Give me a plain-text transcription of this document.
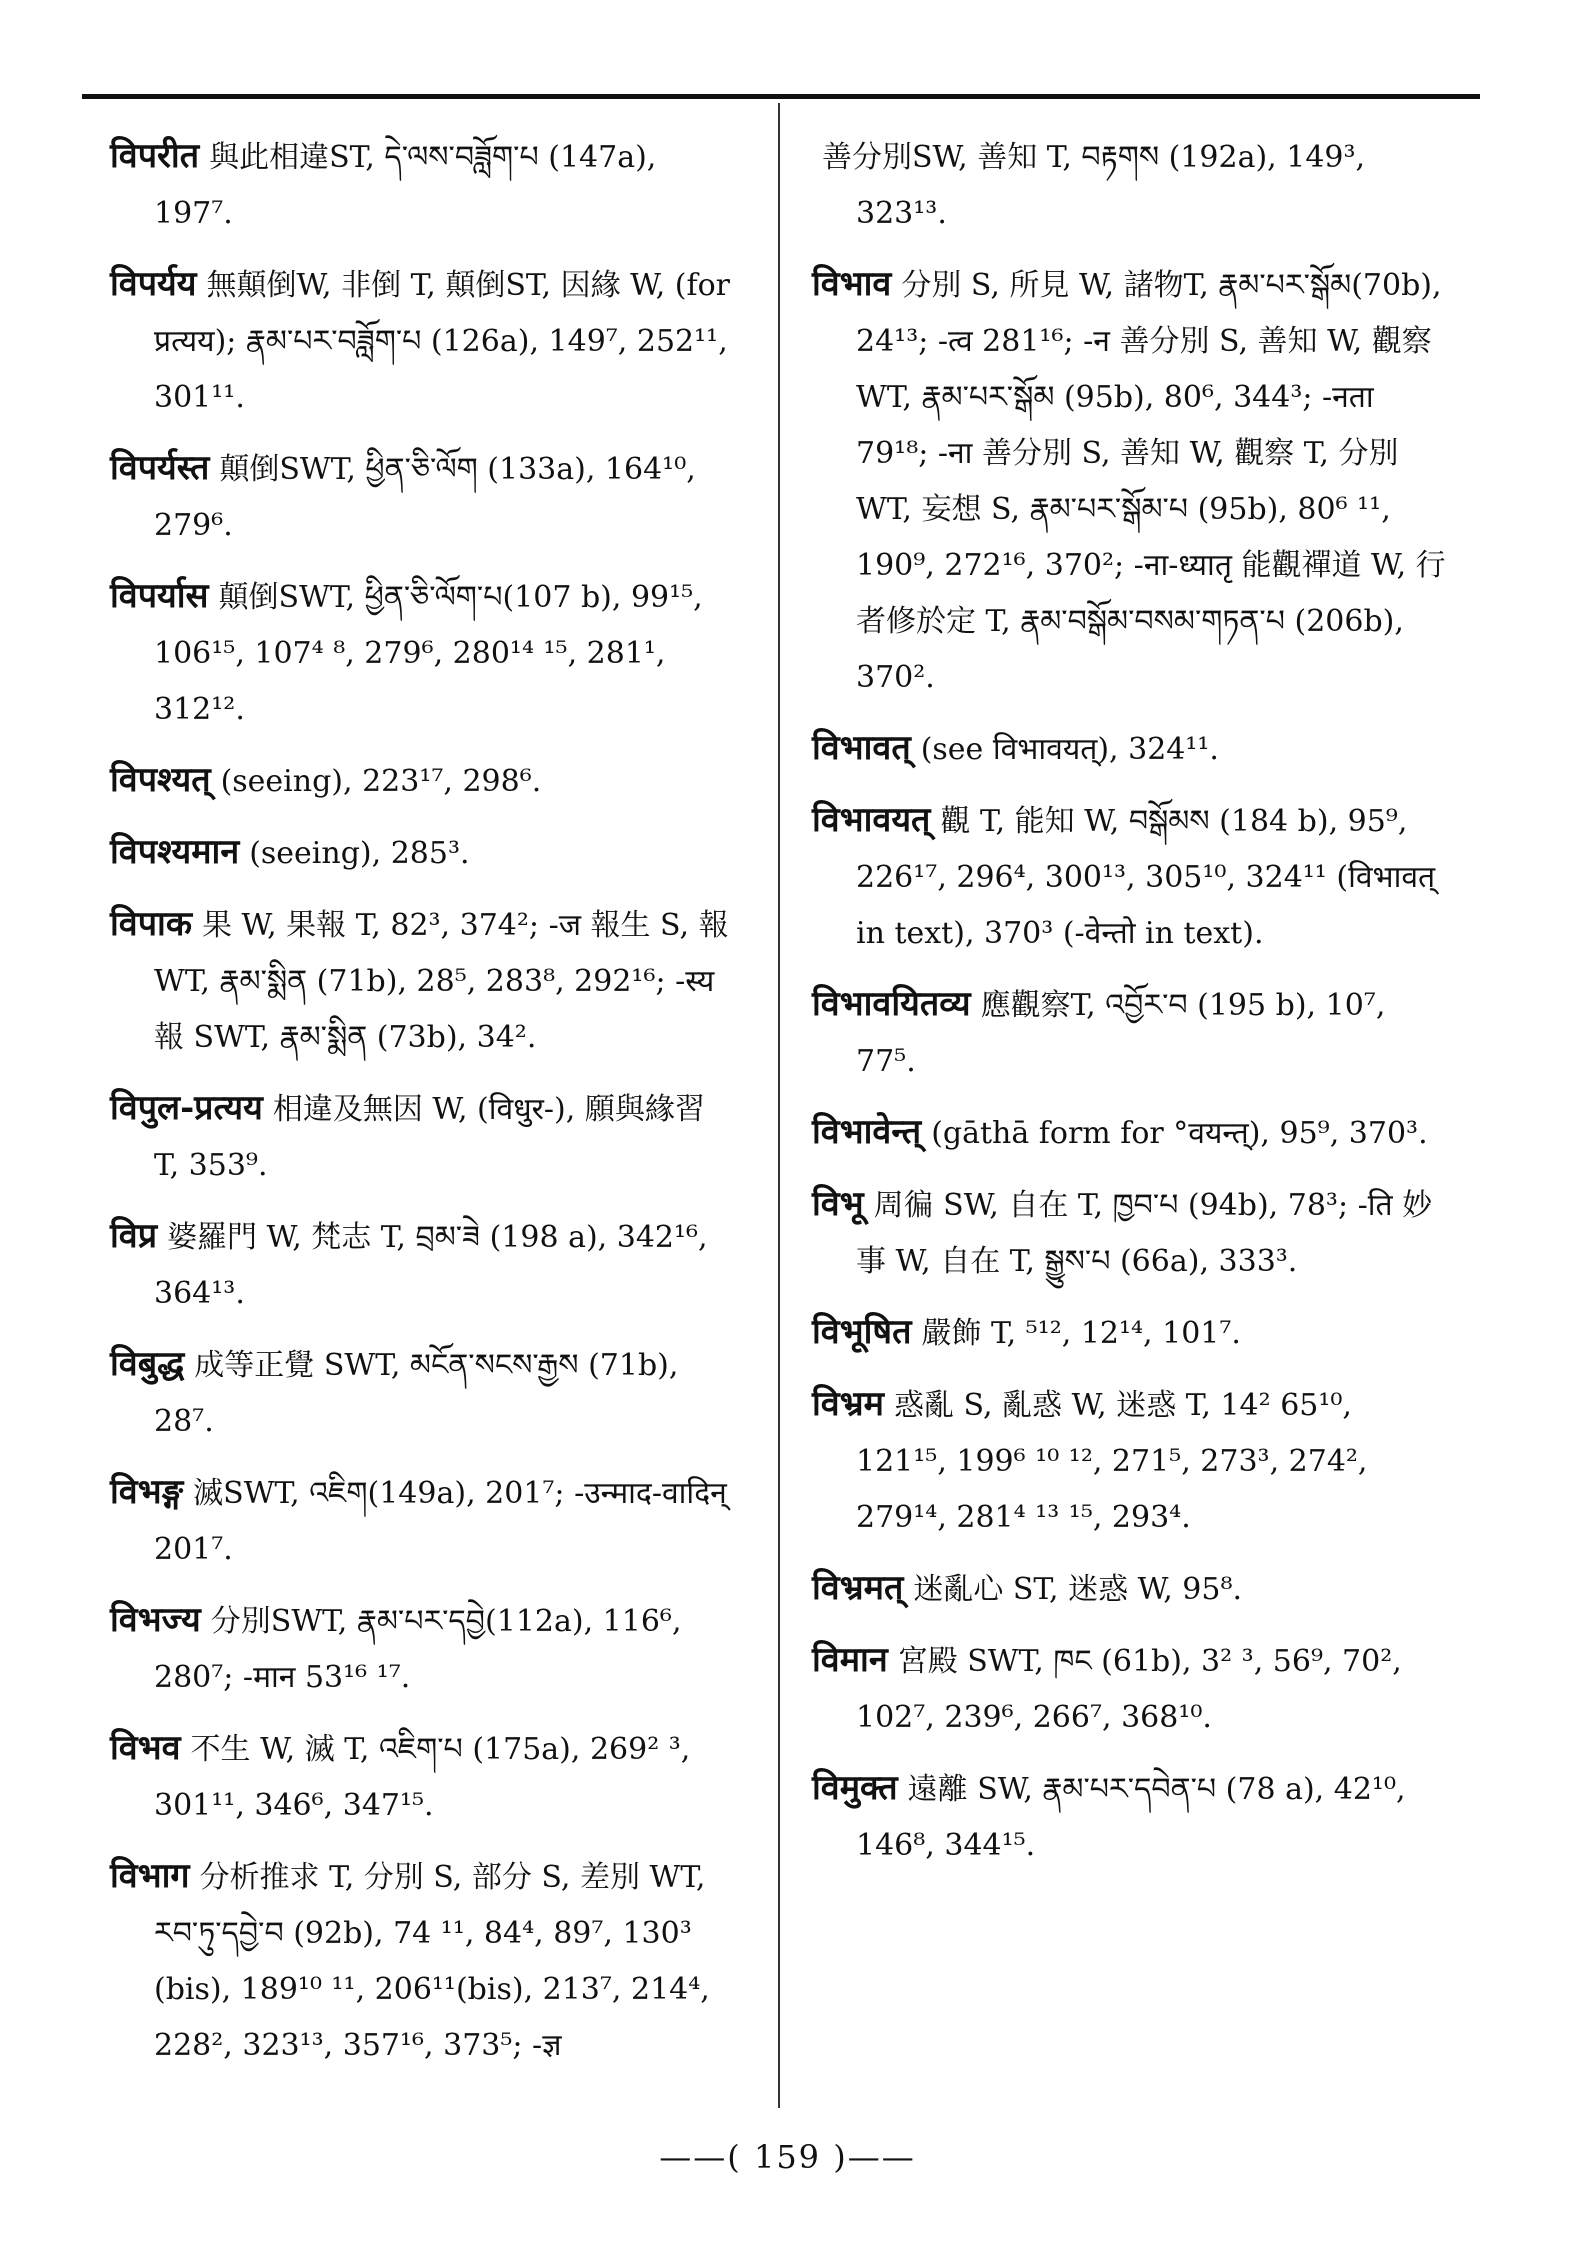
विपरीत 與此相違ST, དེ་ལས་བཟློག་པ (147a), 197⁷.

विपर्यय 無顛倒W, 非倒 T, 顛倒ST, 因緣 W, (for प्रत्यय); རྣམ་པར་བཟློག་པ (126a), 149⁷, 252¹¹, 301¹¹.

विपर्यस्त 顛倒SWT, ཕྱིན་ཅི་ལོག (133a), 164¹⁰, 279⁶.

विपर्यास 顛倒SWT, ཕྱིན་ཅི་ལོག་པ(107 b), 99¹⁵, 106¹⁵, 107⁴ ⁸, 279⁶, 280¹⁴ ¹⁵, 281¹, 312¹².

विपश्यत् (seeing), 223¹⁷, 298⁶.

विपश्यमान (seeing), 285³.

विपाक 果 W, 果報 T, 82³, 374²; -ज 報生 S, 報 WT, རྣམ་སྨིན (71b), 28⁵, 283⁸, 292¹⁶; -स्य 報 SWT, རྣམ་སྨིན (73b), 34².

विपुल-प्रत्यय 相違及無因 W, (विधुर-), 願與緣習 T, 353⁹.

विप्र 婆羅門 W, 梵志 T, བྲམ་ཟེ (198 a), 342¹⁶, 364¹³.

विबुद्ध 成等正覺 SWT, མངོན་སངས་རྒྱས (71b), 28⁷.

विभङ्ग 滅SWT, འཇིག(149a), 201⁷; -उन्माद-वादिन् 201⁷.

विभज्य 分別SWT, རྣམ་པར་དབྱེ(112a), 116⁶, 280⁷; -मान 53¹⁶ ¹⁷.

विभव 不生 W, 滅 T, འཇིག་པ (175a), 269² ³, 301¹¹, 346⁶, 347¹⁵.

विभाग 分析推求 T, 分別 S, 部分 S, 差別 WT, རབ་ཏུ་དབྱེ་བ (92b), 74 ¹¹, 84⁴, 89⁷, 130³ (bis), 189¹⁰ ¹¹, 206¹¹(bis), 213⁷, 214⁴, 228², 323¹³, 357¹⁶, 373⁵; -ज्ञ

善分別SW, 善知 T, བརྟགས (192a), 149³, 323¹³.

विभाव 分別 S, 所見 W, 諸物T, རྣམ་པར་སྒོམ(70b), 24¹³; -त्व 281¹⁶; -न 善分別 S, 善知 W, 觀察 WT, རྣམ་པར་སྒོམ (95b), 80⁶, 344³; -नता 79¹⁸; -ना 善分別 S, 善知 W, 觀察 T, 分別 WT, 妄想 S, རྣམ་པར་སྒོམ་པ (95b), 80⁶ ¹¹, 190⁹, 272¹⁶, 370²; -ना-ध्यातृ 能觀禪道 W, 行者修於定 T, རྣམ་བསྒོམ་བསམ་གཏན་པ (206b), 370².

विभावत् (see विभावयत्), 324¹¹.

विभावयत् 觀 T, 能知 W, བསྒོམས (184 b), 95⁹, 226¹⁷, 296⁴, 300¹³, 305¹⁰, 324¹¹ (विभावत् in text), 370³ (-वेन्तो in text).

विभावयितव्य 應觀察T, འབྱོར་བ (195 b), 10⁷, 77⁵.

विभावेन्त् (gāthā form for °वयन्त्), 95⁹, 370³.

विभू 周徧 SW, 自在 T, ཁྱབ་པ (94b), 78³; -ति 妙事 W, 自在 T, སྒྱུས་པ (66a), 333³.

विभूषित 嚴飾 T, ⁵¹², 12¹⁴, 101⁷.

विभ्रम 惑亂 S, 亂惑 W, 迷惑 T, 14² 65¹⁰, 121¹⁵, 199⁶ ¹⁰ ¹², 271⁵, 273³, 274², 279¹⁴, 281⁴ ¹³ ¹⁵, 293⁴.

विभ्रमत् 迷亂心 ST, 迷惑 W, 95⁸.

विमान 宮殿 SWT, ཁང (61b), 3² ³, 56⁹, 70², 102⁷, 239⁶, 266⁷, 368¹⁰.

विमुक्त 遠離 SW, རྣམ་པར་དབེན་པ (78 a), 42¹⁰, 146⁸, 344¹⁵.

——( 159 )——
